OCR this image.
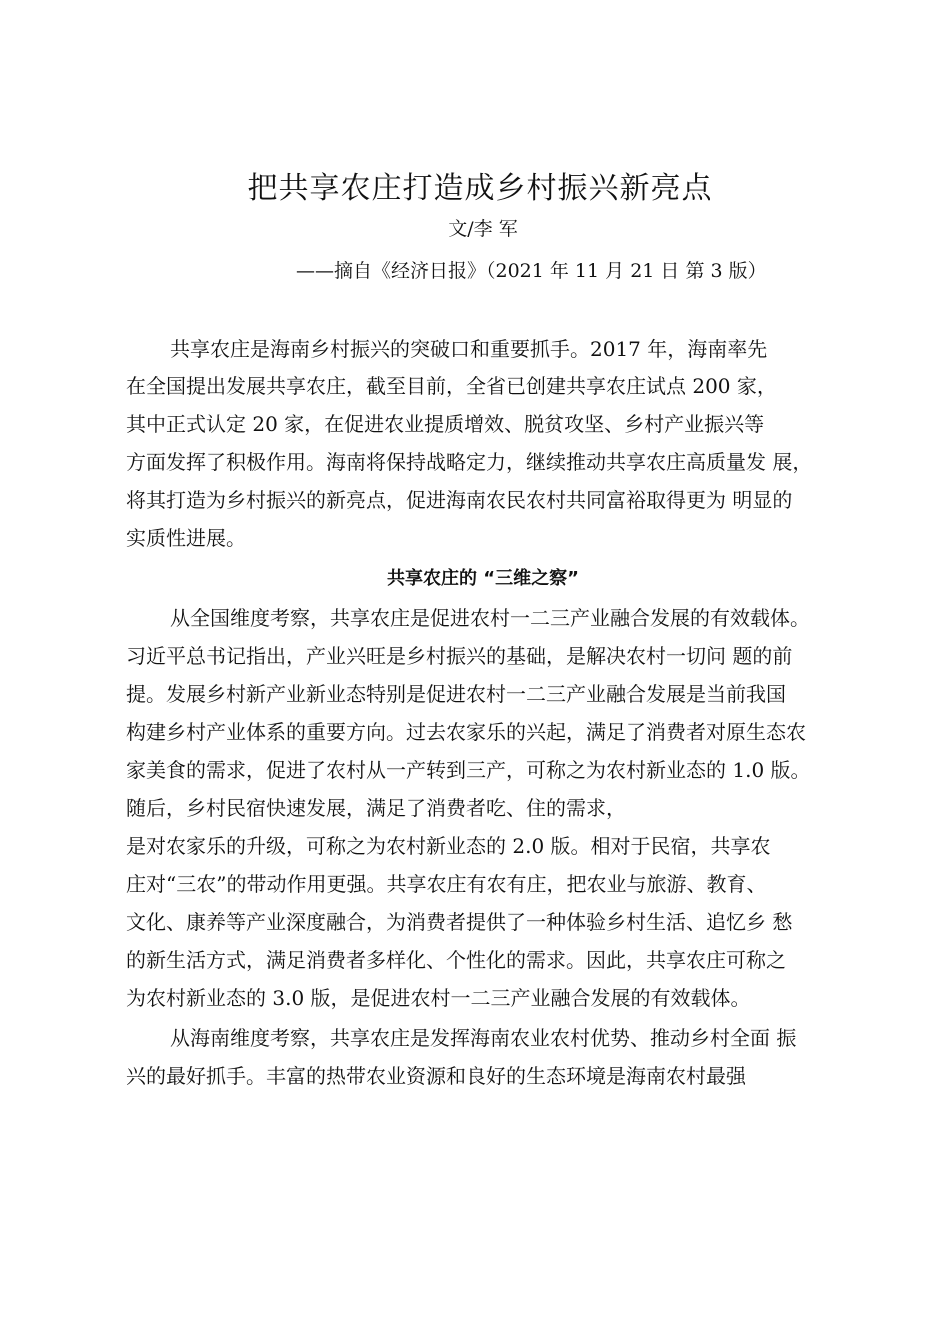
把共享农庄打造成乡村振兴新亮点
文/李 军
——摘自《经济日报》（2021 年 11 月 21 日 第 3 版）
共享农庄是海南乡村振兴的突破口和重要抓手。2017 年，海南率先
在全国提出发展共享农庄，截至目前，全省已创建共享农庄试点 200 家，
其中正式认定 20 家，在促进农业提质增效、脱贫攻坚、乡村产业振兴等
方面发挥了积极作用。海南将保持战略定力，继续推动共享农庄高质量发 展，
将其打造为乡村振兴的新亮点，促进海南农民农村共同富裕取得更为 明显的
实质性进展。
共享农庄的 “三维之察”
从全国维度考察，共享农庄是促进农村一二三产业融合发展的有效载体。
习近平总书记指出，产业兴旺是乡村振兴的基础，是解决农村一切问 题的前
提。发展乡村新产业新业态特别是促进农村一二三产业融合发展是当前我国
构建乡村产业体系的重要方向。过去农家乐的兴起，满足了消费者对原生态农
家美食的需求，促进了农村从一产转到三产，可称之为农村新业态的 1.0 版。
随后，乡村民宿快速发展，满足了消费者吃、住的需求，
是对农家乐的升级，可称之为农村新业态的 2.0 版。相对于民宿，共享农
庄对“三农”的带动作用更强。共享农庄有农有庄，把农业与旅游、教育、
文化、康养等产业深度融合，为消费者提供了一种体验乡村生活、追忆乡 愁
的新生活方式，满足消费者多样化、个性化的需求。因此，共享农庄可称之
为农村新业态的 3.0 版，是促进农村一二三产业融合发展的有效载体。
从海南维度考察，共享农庄是发挥海南农业农村优势、推动乡村全面 振
兴的最好抓手。丰富的热带农业资源和良好的生态环境是海南农村最强
